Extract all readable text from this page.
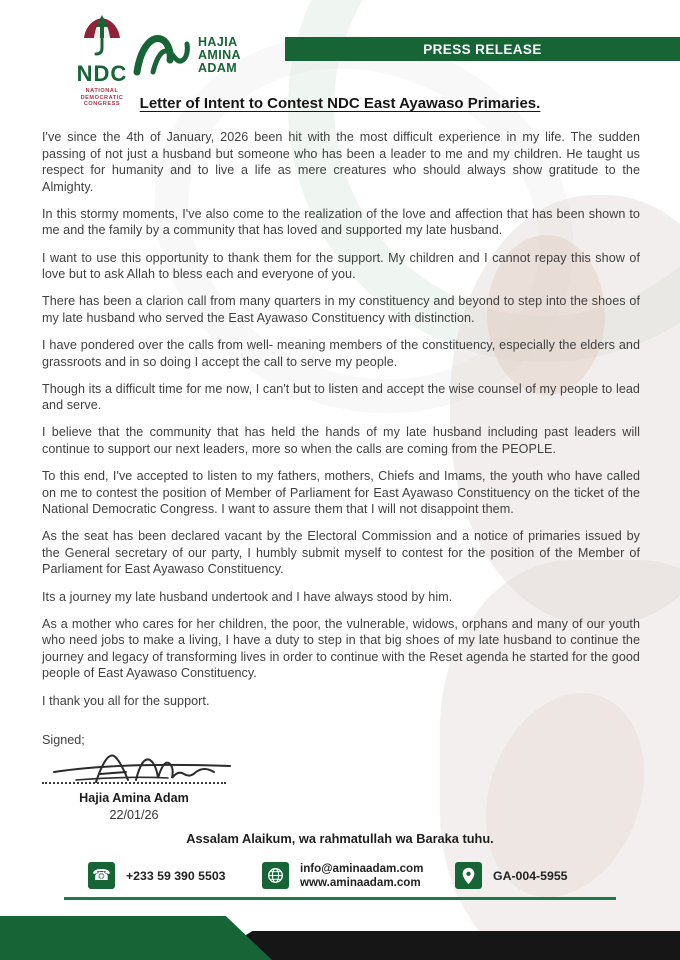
NDC
NATIONAL
DEMOCRATIC
CONGRESS
HAJIA
AMINA
ADAM
PRESS RELEASE
Letter of Intent to Contest NDC East Ayawaso Primaries.

I've since the 4th of January, 2026 been hit with the most difficult experience in my life. The sudden passing of not just a husband but someone who has been a leader to me and my children. He taught us respect for humanity and to live a life as mere creatures who should always show gratitude to the Almighty.

In this stormy moments, I've also come to the realization of the love and affection that has been shown to me and the family by a community that has loved and supported my late husband.

I want to use this opportunity to thank them for the support. My children and I cannot repay this show of love but to ask Allah to bless each and everyone of you.

There has been a clarion call from many quarters in my constituency and beyond to step into the shoes of my late husband who served the East Ayawaso Constituency with distinction.

I have pondered over the calls from well- meaning members of the constituency, especially the elders and grassroots and in so doing I accept the call to serve my people.

Though its a difficult time for me now, I can't but to listen and accept the wise counsel of my people to lead and serve.

I believe that the community that has held the hands of my late husband including past leaders will continue to support our next leaders, more so when the calls are coming from the PEOPLE.

To this end, I've accepted to listen to my fathers, mothers, Chiefs and Imams, the youth who have called on me to contest the position of Member of Parliament for East Ayawaso Constituency on the ticket of the National Democratic Congress. I want to assure them that I will not disappoint them.

As the seat has been declared vacant by the Electoral Commission and a notice of primaries issued by the General secretary of our party, I humbly submit myself to contest for the position of the Member of Parliament for East Ayawaso Constituency.

Its a journey my late husband undertook and I have always stood by him.

As a mother who cares for her children, the poor, the vulnerable, widows, orphans and many of our youth who need jobs to make a living, I have a duty to step in that big shoes of my late husband to continue the journey and legacy of transforming lives in order to continue with the Reset agenda he started for the good people of East Ayawaso Constituency.

I thank you all for the support.

Signed;
Hajia Amina Adam
22/01/26
Assalam Alaikum, wa rahmatullah wa Baraka tuhu.
☎ +233 59 390 5503	info@aminaadam.com
www.aminaadam.com	GA-004-5955
